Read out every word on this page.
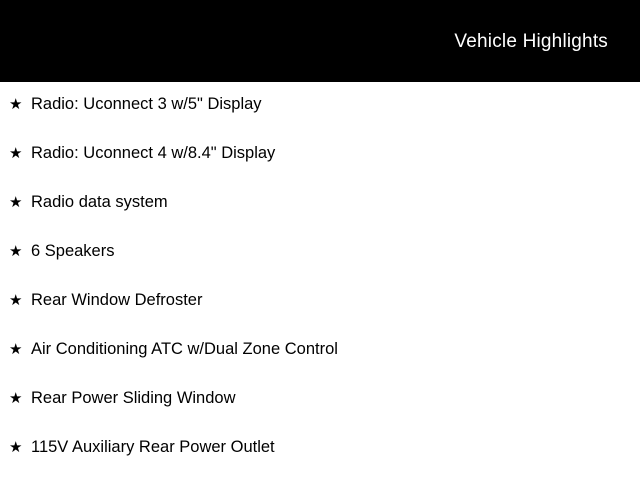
Vehicle Highlights
★ Radio: Uconnect 3 w/5" Display
★ Radio: Uconnect 4 w/8.4" Display
★ Radio data system
★ 6 Speakers
★ Rear Window Defroster
★ Air Conditioning ATC w/Dual Zone Control
★ Rear Power Sliding Window
★ 115V Auxiliary Rear Power Outlet
